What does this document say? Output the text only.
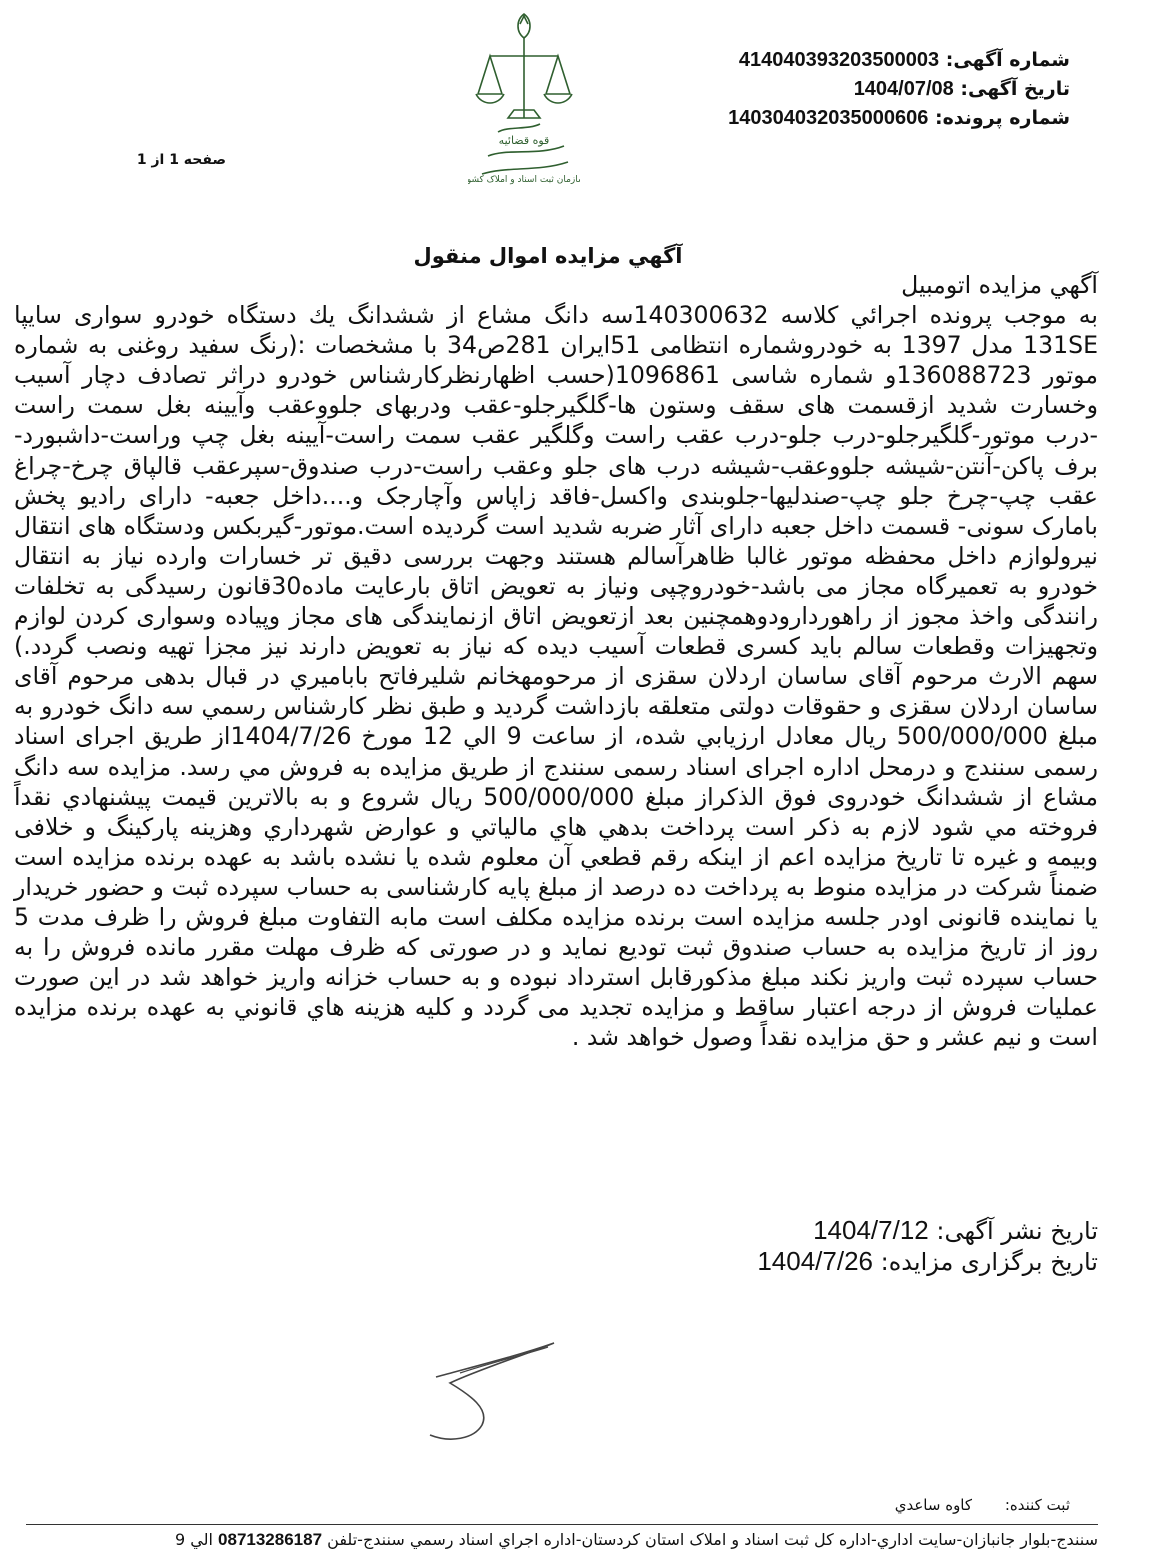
قوه قضائیه
سازمان ثبت اسناد و املاک کشور
شماره آگهی: 14040393203500003‏4
تاریخ آگهی: 1404/07/08
شماره پرونده: 140304032035000606
صفحه 1 از 1
آگهي مزايده اموال منقول

آگهي مزايده اتومبيل

به موجب پرونده اجرائي کلاسه 140300632سه دانگ مشاع از ششدانگ يك دستگاه خودرو سواری سايپا 131SE مدل 1397 به خودروشماره انتظامی 51ایران 281ص34 با مشخصات :(رنگ سفید روغنی به شماره موتور 136088723و شماره شاسی 1096861(حسب اظهارنظرکارشناس خودرو دراثر تصادف دچار آسیب وخسارت شدید ازقسمت های سقف وستون ها-گلگیرجلو-عقب ودربهای جلووعقب وآیینه بغل سمت راست -درب موتور-گلگیرجلو-درب جلو-درب عقب راست وگلگیر عقب سمت راست-آیینه بغل چپ وراست-داشبورد-برف پاکن-آنتن-شیشه جلووعقب-شیشه درب های جلو وعقب راست-درب صندوق-سپرعقب قالپاق چرخ-چراغ عقب چپ-چرخ جلو چپ-صندلیها-جلوبندی واکسل-فاقد زاپاس وآچارجک و....داخل جعبه- دارای رادیو پخش بامارک سونی- قسمت داخل جعبه دارای آثار ضربه شدید است گردیده است.موتور-گیربکس ودستگاه های انتقال نیرولوازم داخل محفظه موتور غالبا ظاهرآسالم هستند وجهت بررسی دقیق تر خسارات وارده نیاز به انتقال خودرو به تعمیرگاه مجاز می باشد-خودروچپی ونیاز به تعویض اتاق بارعایت ماده30قانون رسیدگی به تخلفات رانندگی واخذ مجوز از راهوردارودوهمچنین بعد ازتعویض اتاق ازنمایندگی های مجاز وپیاده وسواری کردن لوازم وتجهیزات وقطعات سالم باید کسری قطعات آسیب دیده که نیاز به تعویض دارند نیز مجزا تهیه ونصب گردد.) سهم الارث مرحوم آقای ساسان اردلان سقزی از مرحومهخانم شليرفاتح بابامیري در قبال بدهی مرحوم آقای ساسان اردلان سقزی و حقوقات دولتی متعلقه بازداشت گرديد و طبق نظر کارشناس رسمي سه دانگ خودرو به مبلغ 500/000/000 ريال معادل ارزيابي شده، از ساعت 9 الي 12 مورخ 1404/7/26از طريق اجرای اسناد رسمی سنندج و درمحل اداره اجرای اسناد رسمی سنندج از طريق مزايده به فروش مي رسد. مزايده سه دانگ مشاع از ششدانگ خودروی فوق الذکراز مبلغ 500/000/000 ريال شروع و به بالاترين قيمت پيشنهادي نقداً فروخته مي شود لازم به ذکر است پرداخت بدهي هاي مالياتي و عوارض شهرداري وهزينه پارکينگ و خلافی وبيمه و غيره تا تاريخ مزايده اعم از اينکه رقم قطعي آن معلوم شده يا نشده باشد به عهده برنده مزايده است ضمناً شرکت در مزايده منوط به پرداخت ده درصد از مبلغ پايه کارشناسی به حساب سپرده ثبت و حضور خريدار يا نماينده قانونی اودر جلسه مزايده است برنده مزايده مکلف است مابه التفاوت مبلغ فروش را ظرف مدت 5 روز از تاريخ مزايده به حساب صندوق ثبت توديع نمايد و در صورتی که ظرف مهلت مقرر مانده فروش را به حساب سپرده ثبت واريز نکند مبلغ مذکورقابل استرداد نبوده و به حساب خزانه واريز خواهد شد در اين صورت عمليات فروش از درجه اعتبار ساقط و مزايده تجديد می گردد و کليه هزينه هاي قانوني به عهده برنده مزايده است و نيم عشر و حق مزايده نقداً وصول خواهد شد .

تاريخ نشر آگهی: 1404/7/12
تاريخ برگزاری مزايده: 1404/7/26
ثبت کننده: کاوه ساعدي
سنندج-بلوار جانبازان-سایت اداري-اداره کل ثبت اسناد و املاک استان کردستان-اداره اجراي اسناد رسمي سنندج-تلفن 08713286187 الي 9
